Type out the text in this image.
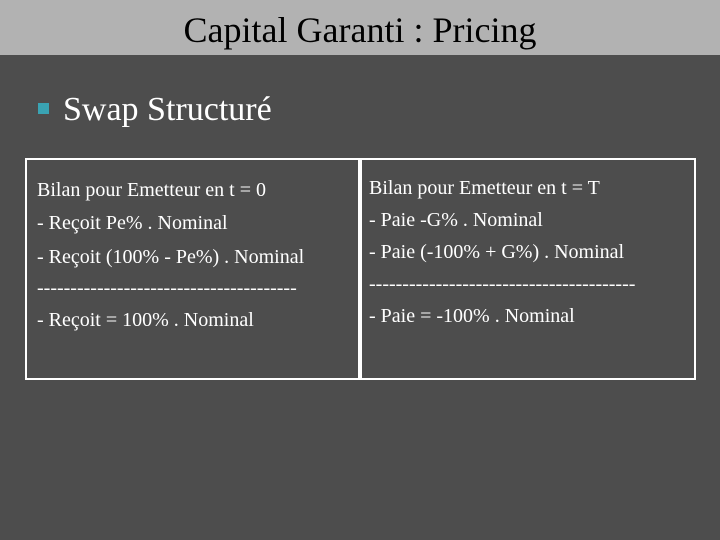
Capital Garanti : Pricing
Swap Structuré
Bilan pour Emetteur en t = 0
- Reçoit Pe% . Nominal
- Reçoit (100% - Pe%) . Nominal
---------------------------------------
- Reçoit = 100% . Nominal
Bilan pour Emetteur en t = T
- Paie -G% . Nominal
- Paie (-100% + G%) . Nominal
----------------------------------------
- Paie = -100% . Nominal
